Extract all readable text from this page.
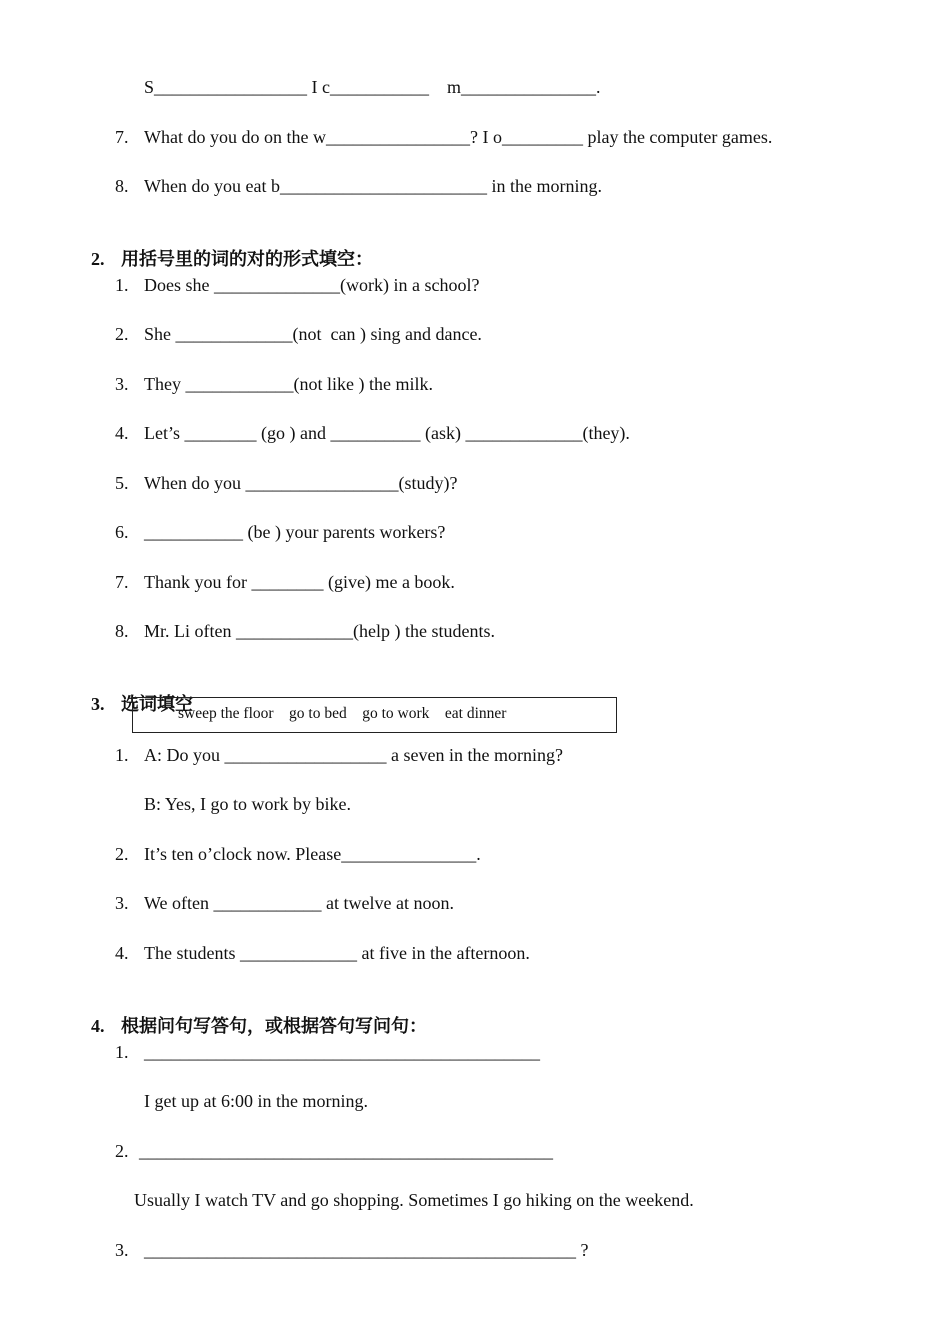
S_________________ I c___________    m_______________.
7. What do you do on the w________________? I o_________ play the computer games.
8. When do you eat b_______________________ in the morning.

2. 用括号里的词的对的形式填空：

1. Does she ______________(work) in a school?
2. She _____________(not  can ) sing and dance.
3. They ____________(not like ) the milk.
4. Let’s ________ (go ) and __________ (ask) _____________(they).
5. When do you _________________(study)?
6. ___________ (be ) your parents workers?
7. Thank you for ________ (give) me a book.
8. Mr. Li often _____________(help ) the students.

3. 选词填空

sweep the floor    go to bed    go to work    eat dinner
1. A: Do you __________________ a seven in the morning?
B: Yes, I go to work by bike.
2. It’s ten o’clock now. Please_______________.
3. We often ____________ at twelve at noon.
4. The students _____________ at five in the afternoon.

4. 根据问句写答句，或根据答句写问句：

1. ____________________________________________
I get up at 6:00 in the morning.
2. ______________________________________________
Usually I watch TV and go shopping. Sometimes I go hiking on the weekend.
3. ________________________________________________ ?
